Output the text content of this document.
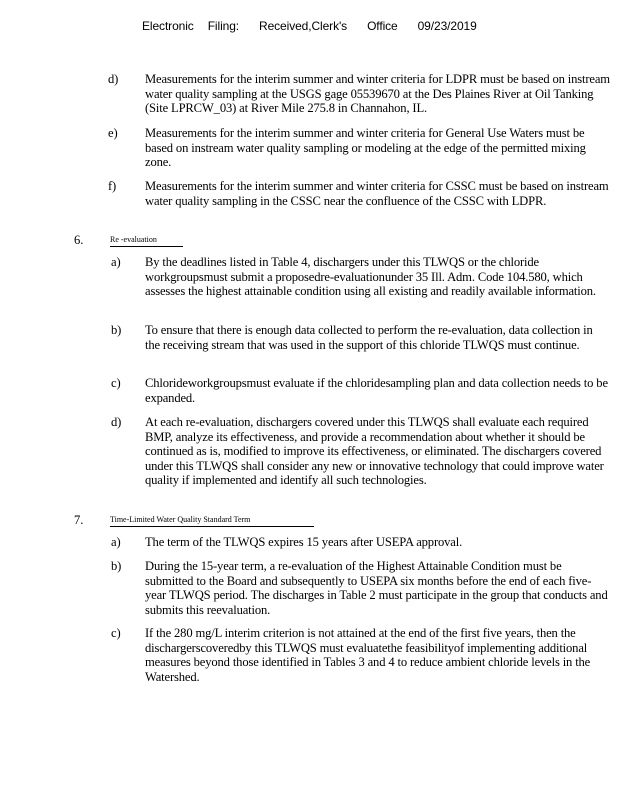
Electronic Filing: Received,Clerk's Office 09/23/2019
d)	Measurements for the interim summer and winter criteria for LDPR must be based on instream water quality sampling at the USGS gage 05539670 at the Des Plaines River at Oil Tanking (Site LPRCW_03) at River Mile 275.8 in Channahon, IL.

e)	Measurements for the interim summer and winter criteria for General Use Waters must be based on instream water quality sampling or modeling at the edge of the permitted mixing zone.

f)	Measurements for the interim summer and winter criteria for CSSC must be based on instream water quality sampling in the CSSC near the confluence of the CSSC with LDPR.

6.	Re -evaluation
a)	By the deadlines listed in Table 4, dischargers under this TLWQS or the chloride workgroupsmust submit a proposedre-evaluationunder 35 Ill. Adm. Code 104.580, which assesses the highest attainable condition using all existing and readily available information.

b)	To ensure that there is enough data collected to perform the re-evaluation, data collection in the receiving stream that was used in the support of this chloride TLWQS must continue.

c)	Chlorideworkgroupsmust evaluate if the chloridesampling plan and data collection needs to be expanded.

d)	At each re-evaluation, dischargers covered under this TLWQS shall evaluate each required BMP, analyze its effectiveness, and provide a recommendation about whether it should be continued as is, modified to improve its effectiveness, or eliminated. The dischargers covered under this TLWQS shall consider any new or innovative technology that could improve water quality if implemented and identify all such technologies.

7.	Time-Limited Water Quality Standard Term
a)	The term of the TLWQS expires 15 years after USEPA approval.

b)	During the 15-year term, a re-evaluation of the Highest Attainable Condition must be submitted to the Board and subsequently to USEPA six months before the end of each five-year TLWQS period. The discharges in Table 2 must participate in the group that conducts and submits this reevaluation.

c)	If the 280 mg/L interim criterion is not attained at the end of the first five years, then the dischargerscoveredby this TLWQS must evaluatethe feasibilityof implementing additional measures beyond those identified in Tables 3 and 4 to reduce ambient chloride levels in the Watershed.
